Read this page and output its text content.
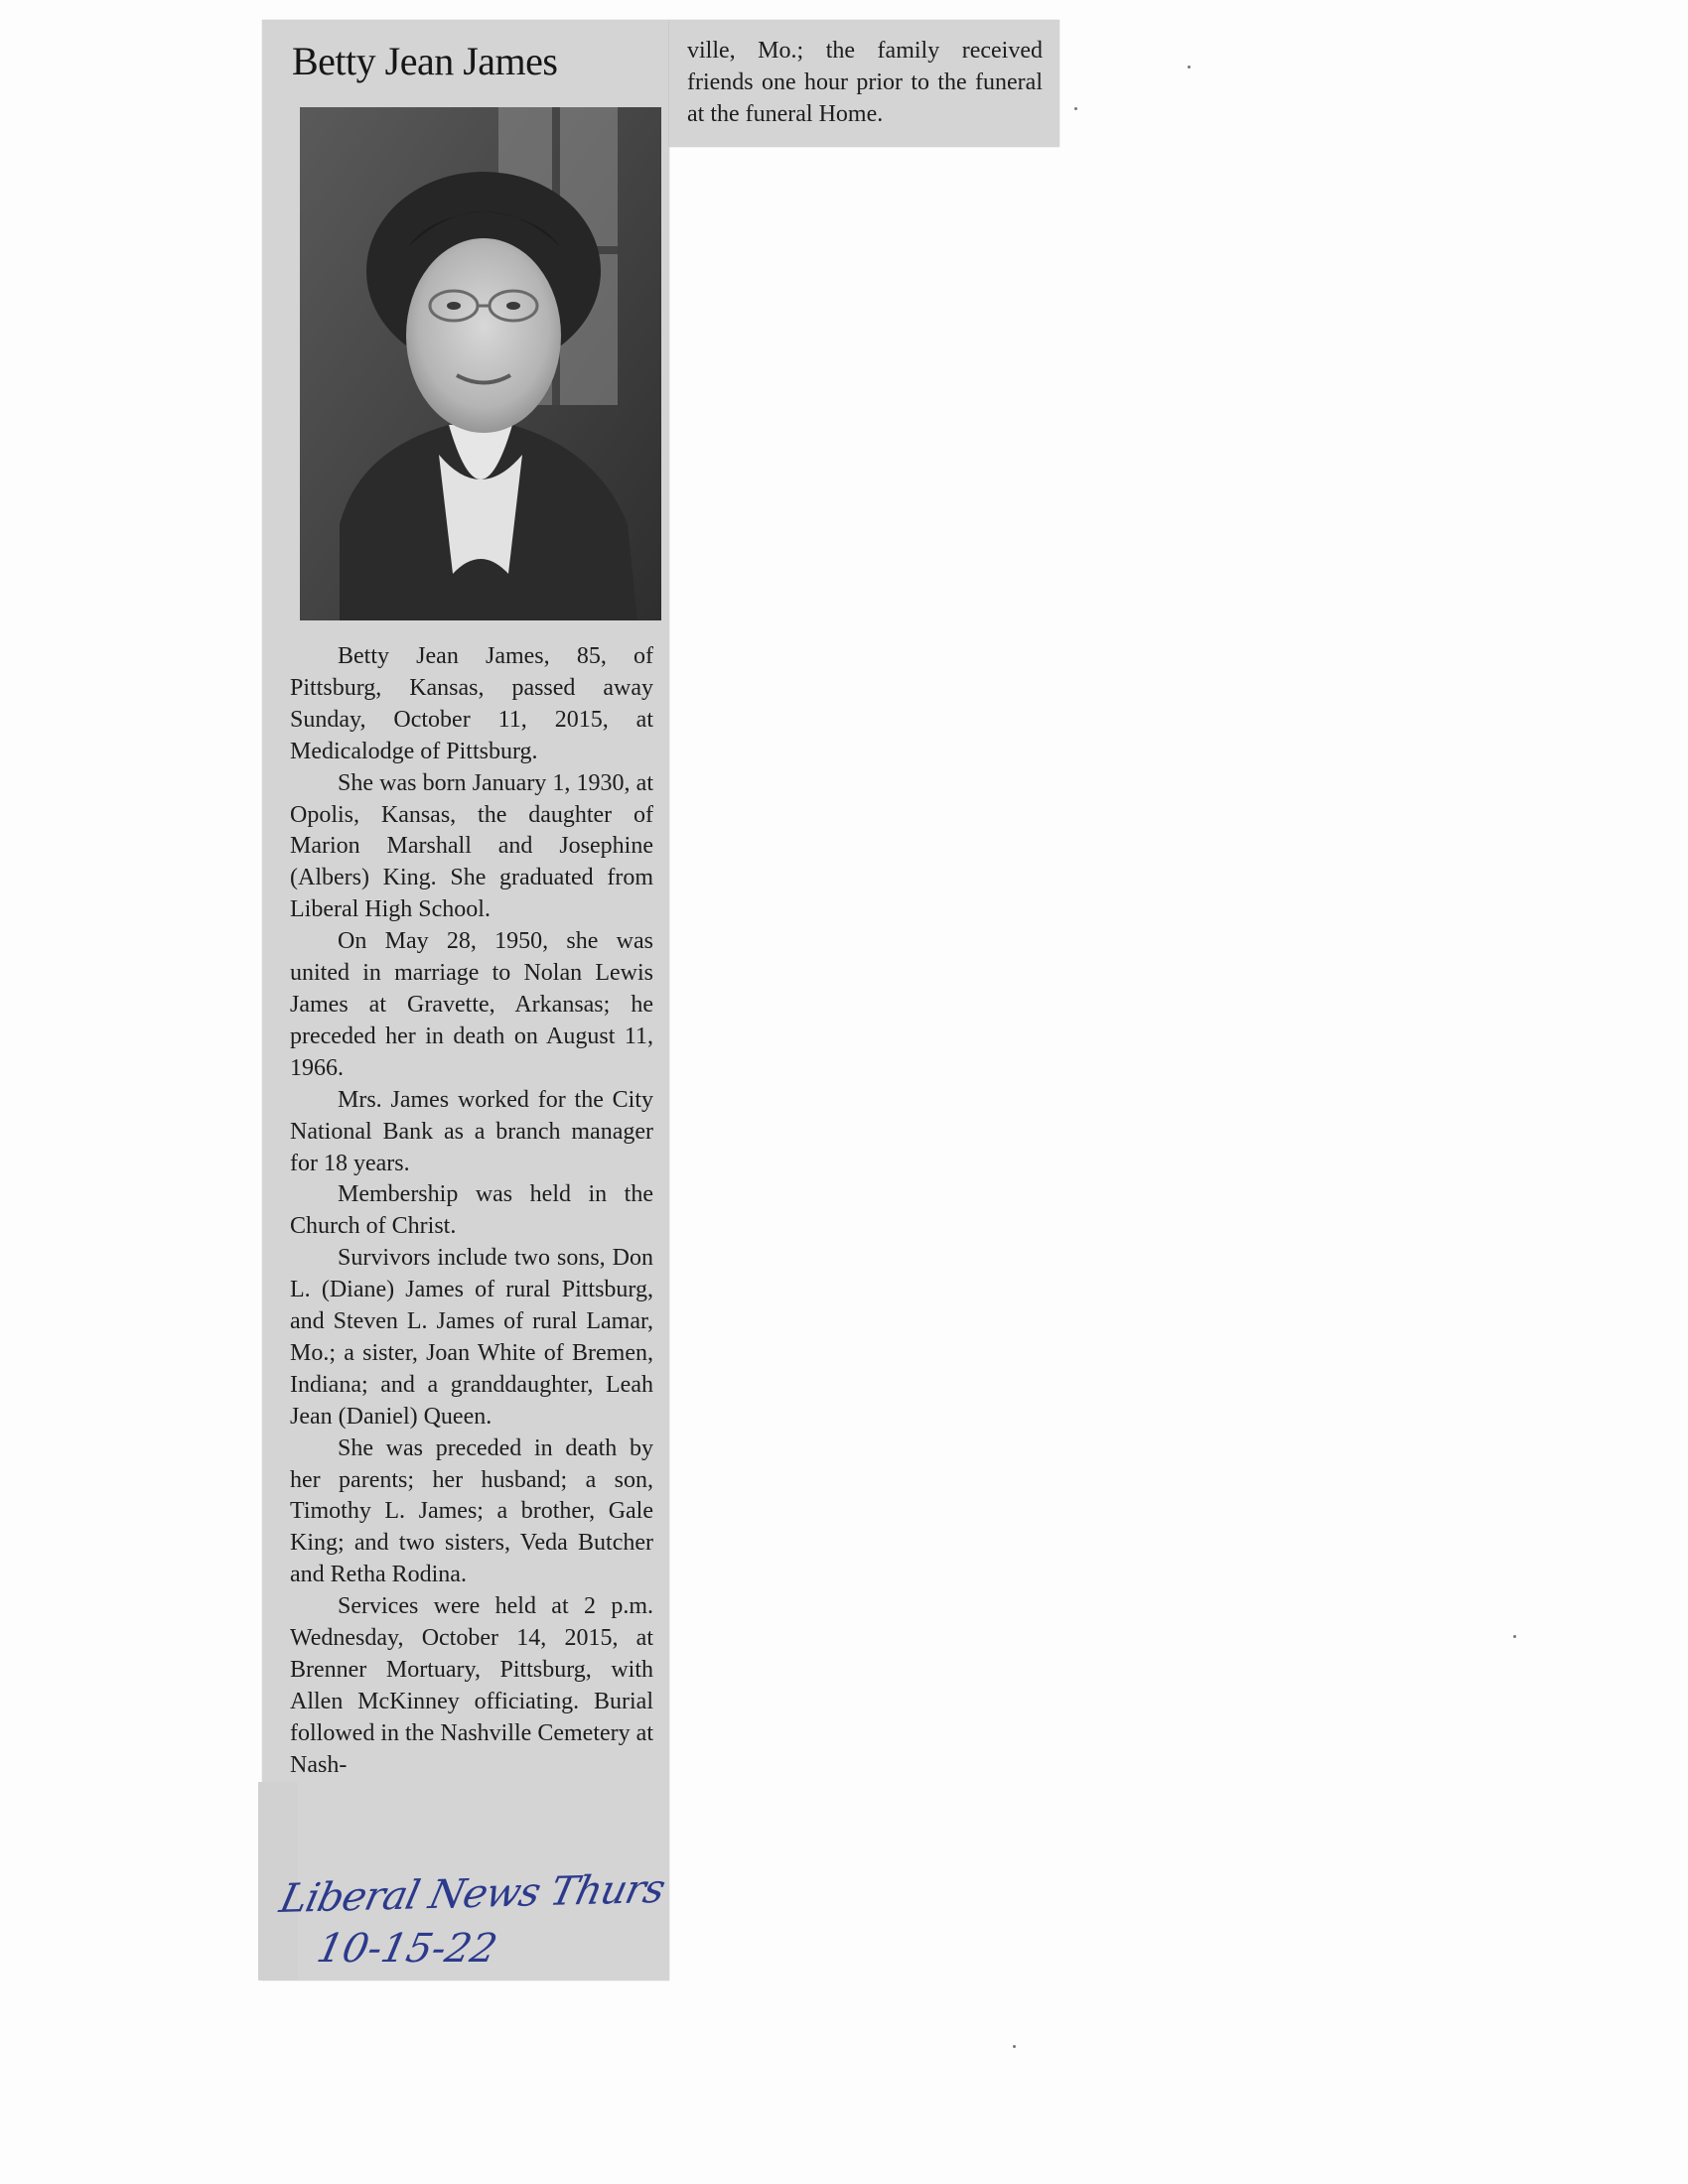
Betty Jean James

Betty Jean James, 85, of Pittsburg, Kansas, passed away Sunday, October 11, 2015, at Medicalodge of Pittsburg.

She was born January 1, 1930, at Opolis, Kansas, the daughter of Marion Marshall and Josephine (Albers) King. She graduated from Liberal High School.

On May 28, 1950, she was united in marriage to Nolan Lewis James at Gravette, Arkansas; he preceded her in death on August 11, 1966.

Mrs. James worked for the City National Bank as a branch manager for 18 years.

Membership was held in the Church of Christ.

Survivors include two sons, Don L. (Diane) James of rural Pittsburg, and Steven L. James of rural Lamar, Mo.; a sister, Joan White of Bremen, Indiana; and a granddaughter, Leah Jean (Daniel) Queen.

She was preceded in death by her parents; her husband; a son, Timothy L. James; a brother, Gale King; and two sisters, Veda Butcher and Retha Rodina.

Services were held at 2 p.m. Wednesday, October 14, 2015, at Brenner Mortuary, Pittsburg, with Allen McKinney officiating. Burial followed in the Nashville Cemetery at Nash-

Liberal News Thurs
10-15-22

ville, Mo.; the family received friends one hour prior to the funeral at the funeral Home.
